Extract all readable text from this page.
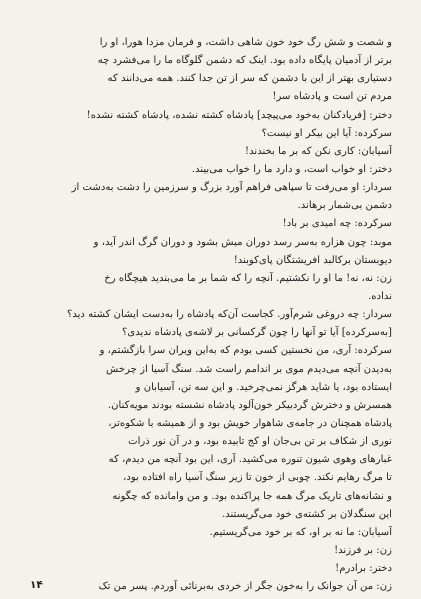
و شصت و شش رگ خود خون شاهی داشت، و فرمان مزدا هورا، او را
برتر از آدمیان پایگاه داده بود. اینک که دشمن گلوگاه ما را می‌فشرد چه
دستیاری بهتر از این با دشمن که سر از تن جدا کنند. همه می‌دانند که
مردم تن است و پادشاه سر!
دختر: [فریادکنان به‌خود می‌پیچد] پادشاه کشته نشده، پادشاه کشته نشده!
سرکرده: آیا این بیکر او نیست؟
آسیابان: کاری نکن که بر ما بخندند!
دختر: او خواب است، و دارد ما را خواب می‌بیند.
سردار: او می‌رفت تا سپاهی فراهم آورد بزرگ و سرزمین را دشت به‌دشت از
دشمن بی‌شمار برهاند.
سرکرده: چه امیدی بر باد!
موبد: چون هزاره به‌سر رسد دوران میش بشود و دوران گرگ اندر آید، و
دیوبستان برکالبد افریشتگان پای‌کوبند!
زن: نه، نه! ما او را نکشتیم. آنچه را که شما بر ما می‌بندید هیچگاه رخ
نداده.
سردار: چه دروغی شرم‌آور. کجاست آن‌که پادشاه را به‌دست ایشان کشته دید؟
[به‌سرکرده] آیا تو آنها را چون گرکسانی بر لاشه‌ی پادشاه ندیدی؟
سرکرده: آری، من نخستین کسی بودم که به‌این ویران سرا بازگشتم، و
به‌دیدن آنچه می‌دیدم موی بر اندامم راست شد. سنگ آسیا از چرخش
ایستاده بود، یا شاید هرگز نمی‌چرخید. و این سه تن، آسیابان و
همسرش و دخترش گردبیکر خون‌آلود پادشاه نشسته بودند مویه‌کنان.
پادشاه همچنان در جامه‌ی شاهوار خویش بود و از همیشه با شکوه‌تر،
نوری از شکاف بر تن بی‌جان او کج تابیده بود، و در آن نور ذرات
غبارهای وهوی شیون تنوره می‌کشید. آری، این بود آنچه من دیدم، که
تا مرگ رهایم نکند. چوبی از خون تا زیر سنگ آسیا راه افتاده بود،
و نشانه‌های تاریک مرگ همه جا پراکنده بود. و من وامانده که چگونه
این سنگدلان بر کشته‌ی خود می‌گریستند.
آسیابان: ما نه بر او، که بر خود می‌گریستیم.
زن: بر فرزند!
دختر: برادرم!
زن: من آن جوانک را به‌خون جگر از خردی به‌برنائی آوردم. پسر من تک
۱۴
